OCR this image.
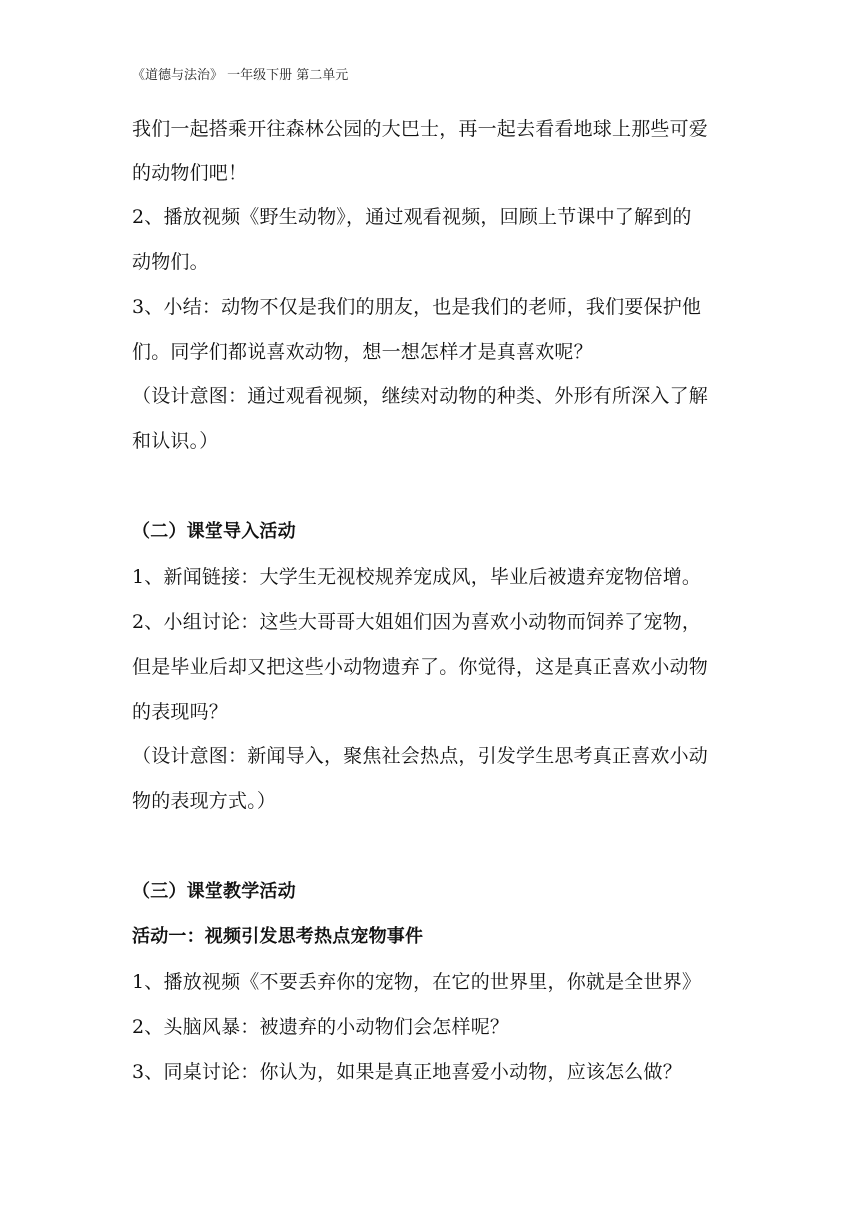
《道德与法治》 一年级下册 第二单元
我们一起搭乘开往森林公园的大巴士，再一起去看看地球上那些可爱
的动物们吧！
2、播放视频《野生动物》，通过观看视频，回顾上节课中了解到的
动物们。
3、小结：动物不仅是我们的朋友，也是我们的老师，我们要保护他
们。同学们都说喜欢动物，想一想怎样才是真喜欢呢？
（设计意图：通过观看视频，继续对动物的种类、外形有所深入了解
和认识。）
（二）课堂导入活动
1、新闻链接：大学生无视校规养宠成风，毕业后被遗弃宠物倍增。
2、小组讨论：这些大哥哥大姐姐们因为喜欢小动物而饲养了宠物，
但是毕业后却又把这些小动物遗弃了。你觉得，这是真正喜欢小动物
的表现吗？
（设计意图：新闻导入，聚焦社会热点，引发学生思考真正喜欢小动
物的表现方式。）
（三）课堂教学活动
活动一：视频引发思考热点宠物事件
1、播放视频《不要丢弃你的宠物，在它的世界里，你就是全世界》
2、头脑风暴：被遗弃的小动物们会怎样呢？
3、同桌讨论：你认为，如果是真正地喜爱小动物，应该怎么做？
